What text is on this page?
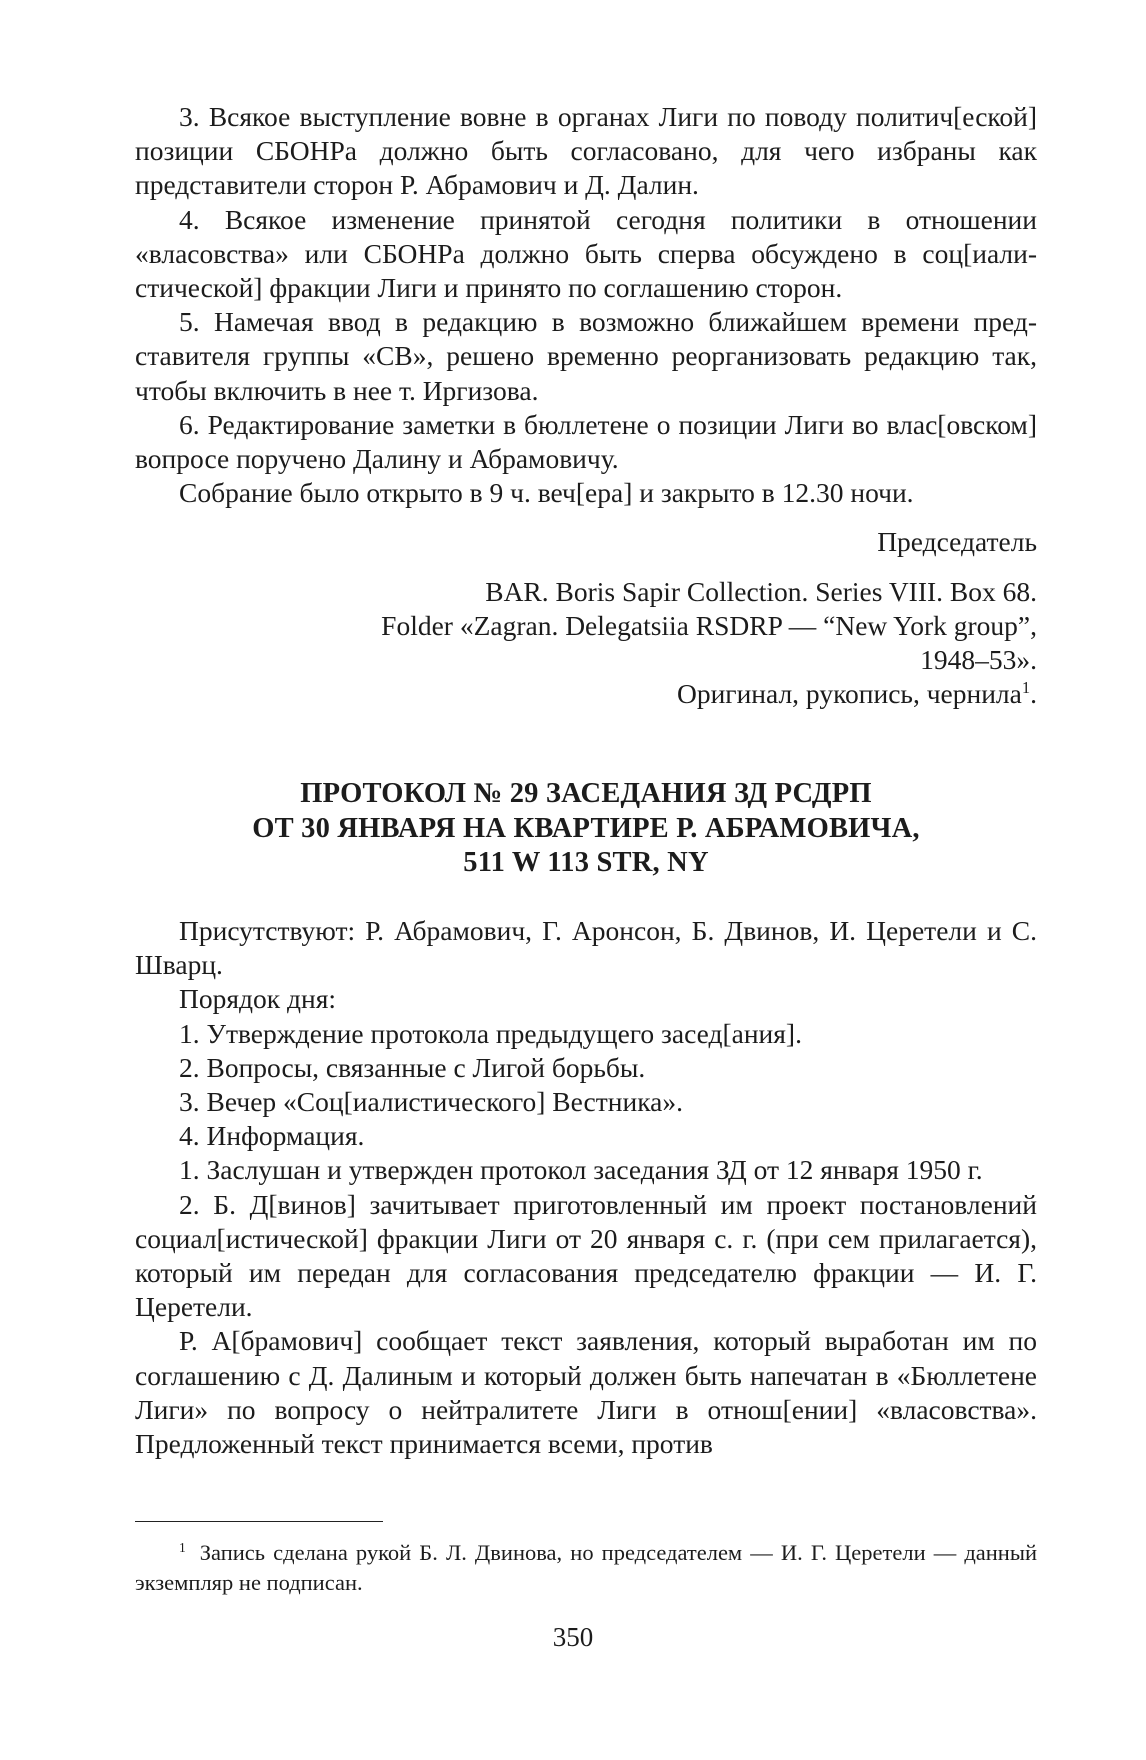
3. Всякое выступление вовне в органах Лиги по поводу политич[еской] позиции СБОНРа должно быть согласовано, для чего избраны как представители сторон Р. Абрамович и Д. Далин.

4. Всякое изменение принятой сегодня политики в отношении «власовства» или СБОНРа должно быть сперва обсуждено в соц[иалистической] фракции Лиги и принято по соглашению сторон.

5. Намечая ввод в редакцию в возможно ближайшем времени представителя группы «СВ», решено временно реорганизовать редакцию так, чтобы включить в нее т. Иргизова.

6. Редактирование заметки в бюллетене о позиции Лиги во влас[овском] вопросе поручено Далину и Абрамовичу.

Собрание было открыто в 9 ч. веч[ера] и закрыто в 12.30 ночи.

Председатель

BAR. Boris Sapir Collection. Series VIII. Box 68.

Folder «Zagran. Delegatsiia RSDRP — “New York group”,

1948–53».

Оригинал, рукопись, чернила$^1$.

ПРОТОКОЛ № 29 ЗАСЕДАНИЯ ЗД РСДРП
ОТ 30 ЯНВАРЯ НА КВАРТИРЕ Р. АБРАМОВИЧА,
511 W 113 STR, NY

Присутствуют: Р. Абрамович, Г. Аронсон, Б. Двинов, И. Церетели и С. Шварц.

Порядок дня:

1. Утверждение протокола предыдущего засед[ания].

2. Вопросы, связанные с Лигой борьбы.

3. Вечер «Соц[иалистического] Вестника».

4. Информация.

1. Заслушан и утвержден протокол заседания ЗД от 12 января 1950 г.

2. Б. Д[винов] зачитывает приготовленный им проект постановлений социал[истической] фракции Лиги от 20 января с. г. (при сем прилагается), который им передан для согласования председателю фракции — И. Г. Церетели.

Р. А[брамович] сообщает текст заявления, который выработан им по соглашению с Д. Далиным и который должен быть напечатан в «Бюллетене Лиги» по вопросу о нейтралитете Лиги в отнош[ении] «власовства». Предложенный текст принимается всеми, против

$^1$ Запись сделана рукой Б. Л. Двинова, но председателем — И. Г. Церетели — данный экземпляр не подписан.

350
